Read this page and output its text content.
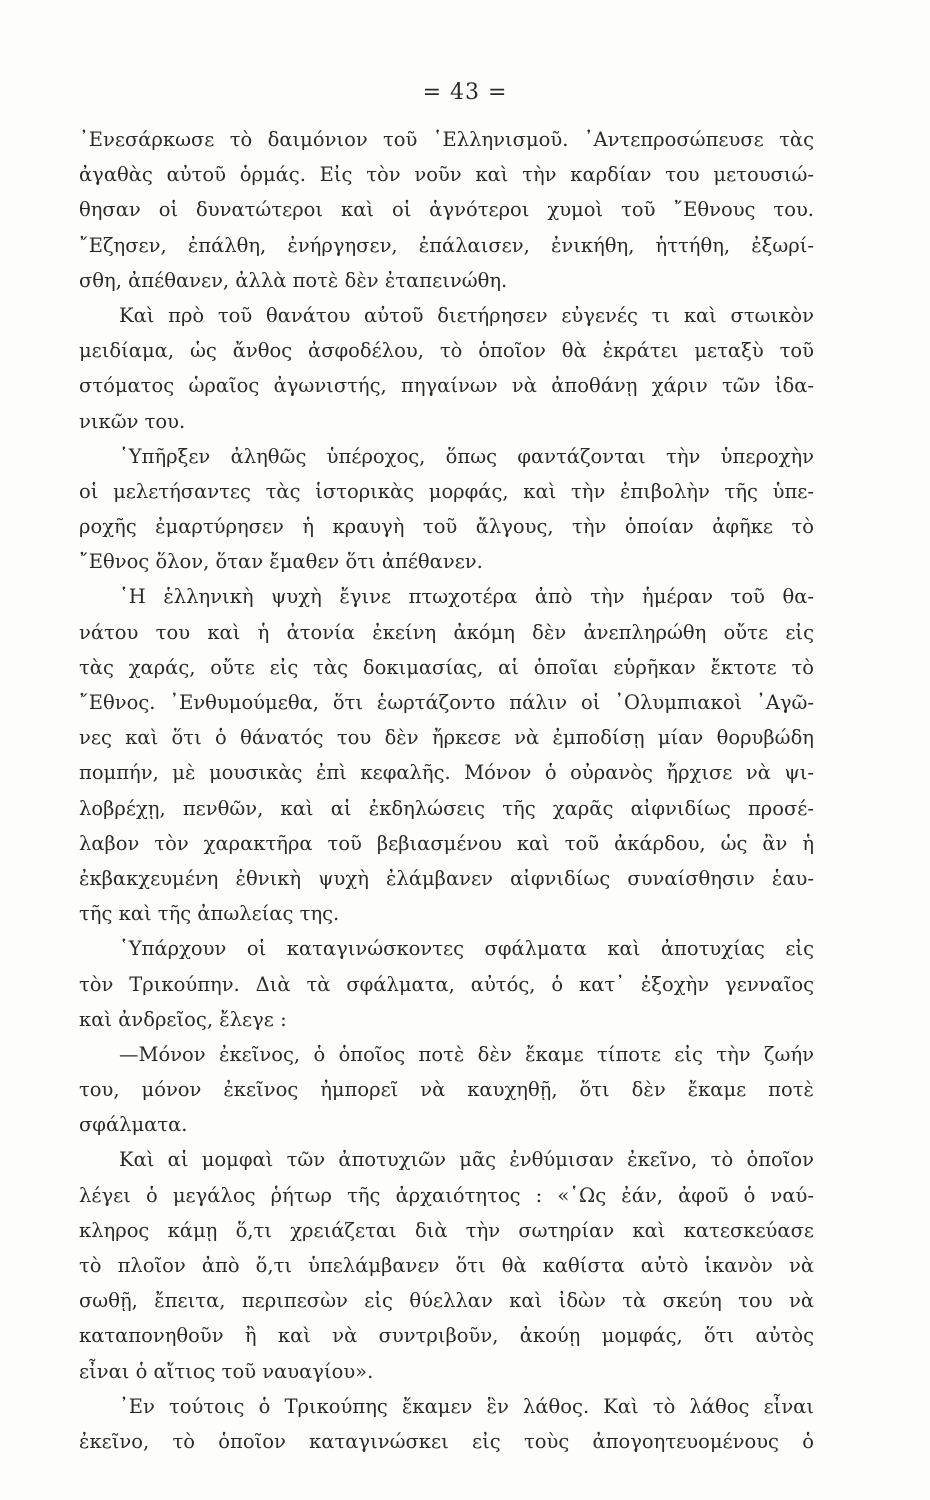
= 43 =
᾿Ενεσάρκωσε τὸ δαιμόνιον τοῦ ῾Ελληνισμοῦ. ᾿Αντεπροσώπευσε τὰς
ἀγαθὰς αὐτοῦ ὁρμάς. Εἰς τὸν νοῦν καὶ τὴν καρδίαν του μετουσιώ-
θησαν οἱ δυνατώτεροι καὶ οἱ ἁγνότεροι χυμοὶ τοῦ ῎Εθνους του.
῎Εζησεν, ἐπάλθη, ἐνήργησεν, ἐπάλαισεν, ἐνικήθη, ἡττήθη, ἐξωρί-
σθη, ἀπέθανεν, ἀλλὰ ποτὲ δὲν ἐταπεινώθη.
Καὶ πρὸ τοῦ θανάτου αὐτοῦ διετήρησεν εὐγενές τι καὶ στωικὸν
μειδίαμα, ὡς ἄνθος ἀσφοδέλου, τὸ ὁποῖον θὰ ἐκράτει μεταξὺ τοῦ
στόματος ὡραῖος ἀγωνιστής, πηγαίνων νὰ ἀποθάνῃ χάριν τῶν ἰδα-
νικῶν του.
῾Υπῆρξεν ἀληθῶς ὑπέροχος, ὅπως φαντάζονται τὴν ὑπεροχὴν
οἱ μελετήσαντες τὰς ἱστορικὰς μορφάς, καὶ τὴν ἐπιβολὴν τῆς ὑπε-
ροχῆς ἐμαρτύρησεν ἡ κραυγὴ τοῦ ἄλγους, τὴν ὁποίαν ἀφῆκε τὸ
῎Εθνος ὅλον, ὅταν ἔμαθεν ὅτι ἀπέθανεν.
῾Η ἑλληνικὴ ψυχὴ ἔγινε πτωχοτέρα ἀπὸ τὴν ἡμέραν τοῦ θα-
νάτου του καὶ ἡ ἀτονία ἐκείνη ἀκόμη δὲν ἀνεπληρώθη οὔτε εἰς
τὰς χαράς, οὔτε εἰς τὰς δοκιμασίας, αἱ ὁποῖαι εὑρῆκαν ἔκτοτε τὸ
῎Εθνος. ᾿Ενθυμούμεθα, ὅτι ἑωρτάζοντο πάλιν οἱ ᾿Ολυμπιακοὶ ᾿Αγῶ-
νες καὶ ὅτι ὁ θάνατός του δὲν ἤρκεσε νὰ ἐμποδίσῃ μίαν θορυβώδη
πομπήν, μὲ μουσικὰς ἐπὶ κεφαλῆς. Μόνον ὁ οὐρανὸς ἤρχισε νὰ ψι-
λοβρέχῃ, πενθῶν, καὶ αἱ ἐκδηλώσεις τῆς χαρᾶς αἰφνιδίως προσέ-
λαβον τὸν χαρακτῆρα τοῦ βεβιασμένου καὶ τοῦ ἀκάρδου, ὡς ἂν ἡ
ἐκβακχευμένη ἐθνικὴ ψυχὴ ἐλάμβανεν αἰφνιδίως συναίσθησιν ἑαυ-
τῆς καὶ τῆς ἀπωλείας της.
῾Υπάρχουν οἱ καταγινώσκοντες σφάλματα καὶ ἀποτυχίας εἰς
τὸν Τρικούπην. Διὰ τὰ σφάλματα, αὐτός, ὁ κατ᾿ ἐξοχὴν γενναῖος
καὶ ἀνδρεῖος, ἔλεγε :
—Μόνον ἐκεῖνος, ὁ ὁποῖος ποτὲ δὲν ἔκαμε τίποτε εἰς τὴν ζωήν
του, μόνον ἐκεῖνος ἠμπορεῖ νὰ καυχηθῇ, ὅτι δὲν ἔκαμε ποτὲ
σφάλματα.
Καὶ αἱ μομφαὶ τῶν ἀποτυχιῶν μᾶς ἐνθύμισαν ἐκεῖνο, τὸ ὁποῖον
λέγει ὁ μεγάλος ῥήτωρ τῆς ἀρχαιότητος : «῾Ως ἐάν, ἀφοῦ ὁ ναύ-
κληρος κάμῃ ὅ,τι χρειάζεται διὰ τὴν σωτηρίαν καὶ κατεσκεύασε
τὸ πλοῖον ἀπὸ ὅ,τι ὑπελάμβανεν ὅτι θὰ καθίστα αὐτὸ ἱκανὸν νὰ
σωθῇ, ἔπειτα, περιπεσὼν εἰς θύελλαν καὶ ἰδὼν τὰ σκεύη του νὰ
καταπονηθοῦν ἢ καὶ νὰ συντριβοῦν, ἀκούῃ μομφάς, ὅτι αὐτὸς
εἶναι ὁ αἴτιος τοῦ ναυαγίου».
᾿Εν τούτοις ὁ Τρικούπης ἔκαμεν ἓν λάθος. Καὶ τὸ λάθος εἶναι
ἐκεῖνο, τὸ ὁποῖον καταγινώσκει εἰς τοὺς ἀπογοητευομένους ὁ
